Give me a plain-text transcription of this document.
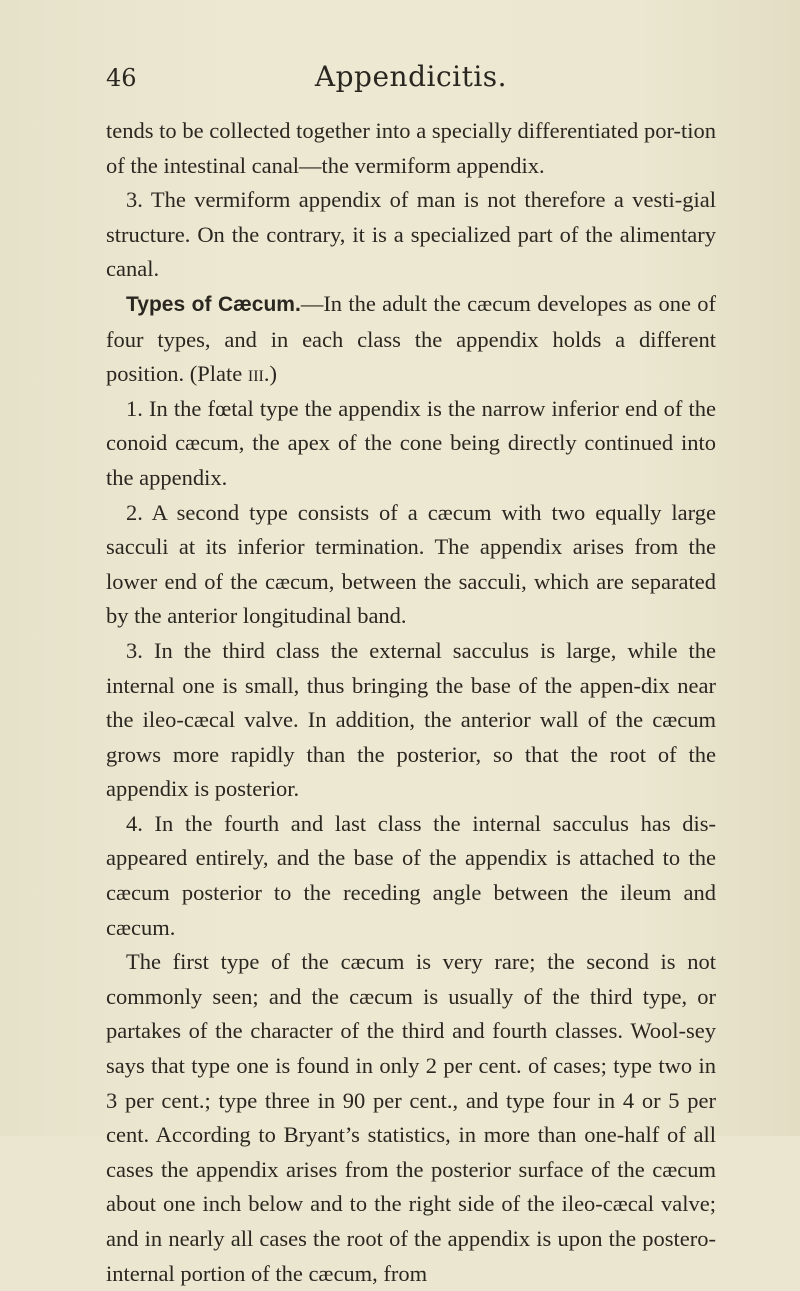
46	Appendicitis.

tends to be collected together into a specially differentiated por-tion of the intestinal canal—the vermiform appendix.

3. The vermiform appendix of man is not therefore a vesti-gial structure. On the contrary, it is a specialized part of the alimentary canal.

Types of Cæcum.—In the adult the cæcum developes as one of four types, and in each class the appendix holds a different position. (Plate iii.)

1. In the fœtal type the appendix is the narrow inferior end of the conoid cæcum, the apex of the cone being directly continued into the appendix.

2. A second type consists of a cæcum with two equally large sacculi at its inferior termination. The appendix arises from the lower end of the cæcum, between the sacculi, which are separated by the anterior longitudinal band.

3. In the third class the external sacculus is large, while the internal one is small, thus bringing the base of the appen-dix near the ileo-cæcal valve. In addition, the anterior wall of the cæcum grows more rapidly than the posterior, so that the root of the appendix is posterior.

4. In the fourth and last class the internal sacculus has dis-appeared entirely, and the base of the appendix is attached to the cæcum posterior to the receding angle between the ileum and cæcum.

The first type of the cæcum is very rare; the second is not commonly seen; and the cæcum is usually of the third type, or partakes of the character of the third and fourth classes. Wool-sey says that type one is found in only 2 per cent. of cases; type two in 3 per cent.; type three in 90 per cent., and type four in 4 or 5 per cent. According to Bryant’s statistics, in more than one-half of all cases the appendix arises from the posterior surface of the cæcum about one inch below and to the right side of the ileo-cæcal valve; and in nearly all cases the root of the appendix is upon the postero-internal portion of the cæcum, from
